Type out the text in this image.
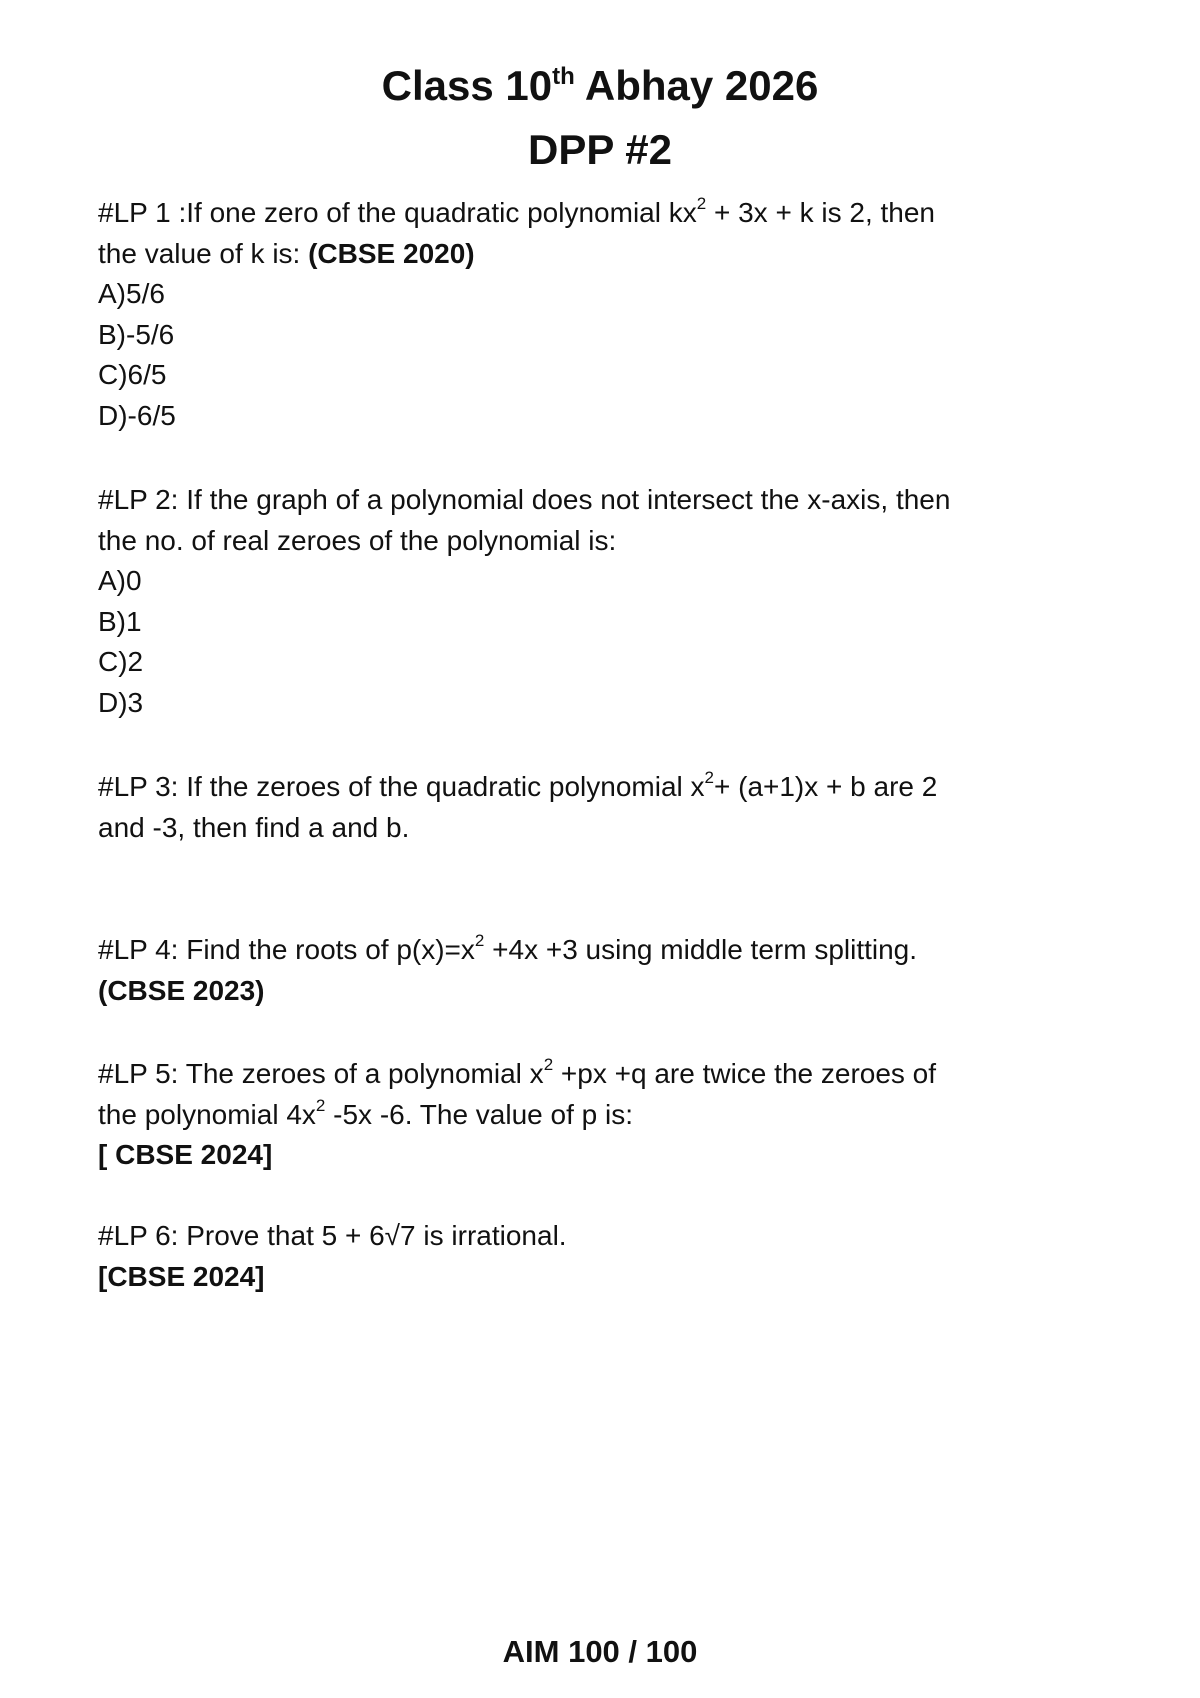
Class 10th Abhay 2026
DPP #2
#LP 1 :If one zero of the quadratic polynomial $kx^2 + 3x + k$ is 2, then
the value of k is: (CBSE 2020)
A)5/6
B)-5/6
C)6/5
D)-6/5
#LP 2: If the graph of a polynomial does not intersect the x-axis, then
the no. of real zeroes of the polynomial is:
A)0
B)1
C)2
D)3
#LP 3: If the zeroes of the quadratic polynomial $x^2+ (a+1)x + b$ are 2
and -3, then find a and b.
#LP 4: Find the roots of $p(x)=x^2 +4x +3$ using middle term splitting.
(CBSE 2023)
#LP 5: The zeroes of a polynomial $x^2 +px +q$ are twice the zeroes of
the polynomial $4x^2$ -5x -6. The value of p is:
[ CBSE 2024]
#LP 6: Prove that 5 + 6√7 is irrational.
[CBSE 2024]
AIM 100 / 100
